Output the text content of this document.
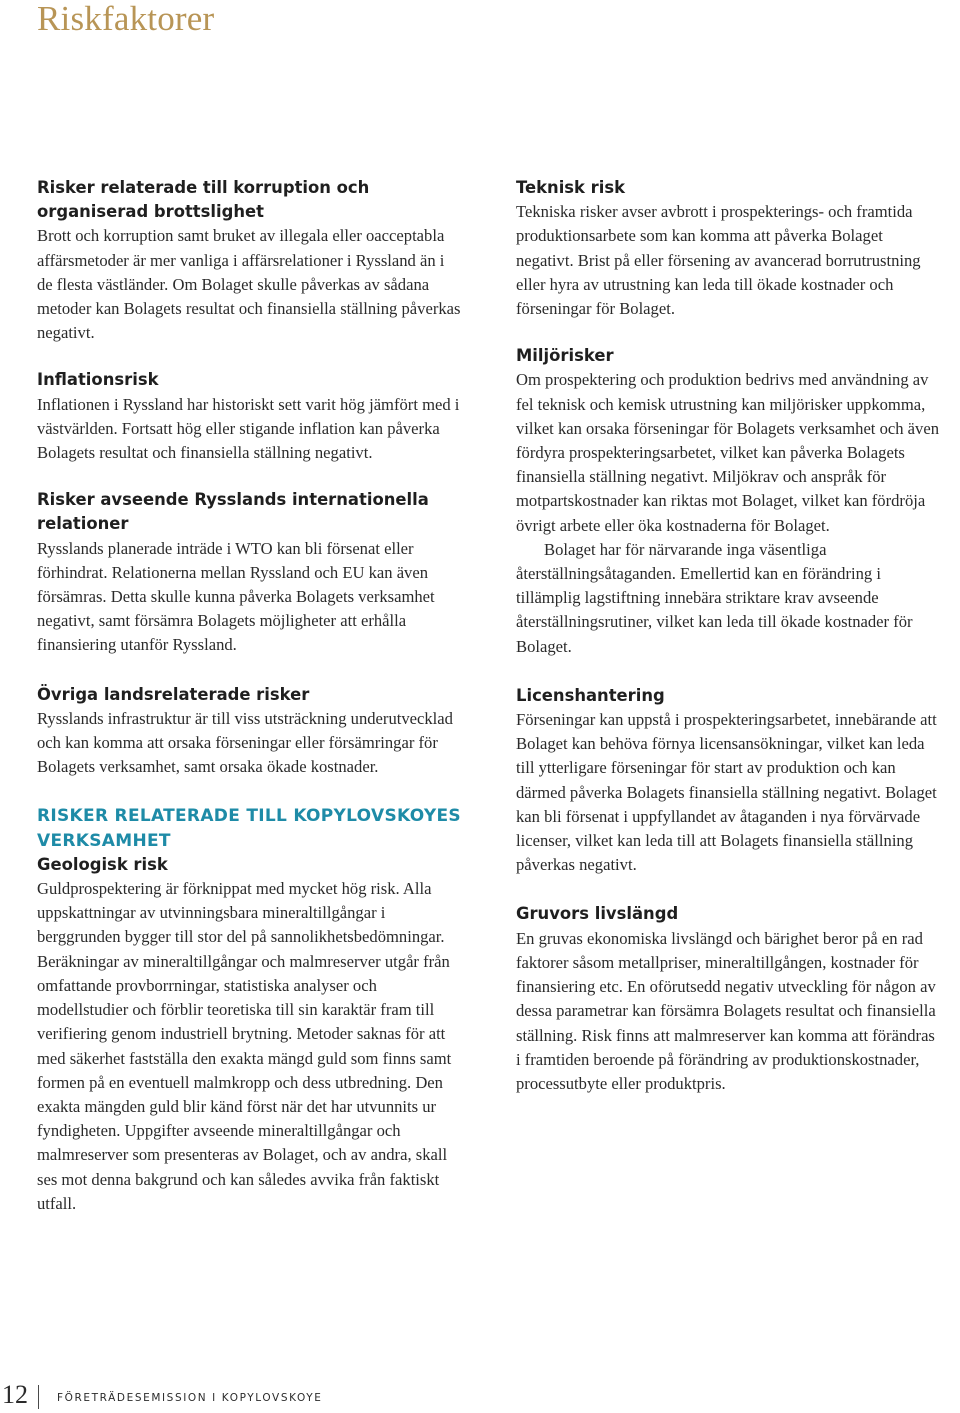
Riskfaktorer
Risker relaterade till korruption och organiserad brottslighet

Brott och korruption samt bruket av illegala eller oacceptabla affärsmetoder är mer vanliga i affärsrelationer i Ryssland än i de flesta västländer. Om Bolaget skulle påverkas av sådana metoder kan Bolagets resultat och finansiella ställning påverkas negativt.

Inflationsrisk

Inflationen i Ryssland har historiskt sett varit hög jämfört med i västvärlden. Fortsatt hög eller stigande inflation kan påverka Bolagets resultat och finansiella ställning negativt.

Risker avseende Rysslands internationella relationer

Rysslands planerade inträde i WTO kan bli försenat eller förhindrat. Relationerna mellan Ryssland och EU kan även försämras. Detta skulle kunna påverka Bolagets verksamhet negativt, samt försämra Bolagets möjligheter att erhålla finansiering utanför Ryssland.

Övriga landsrelaterade risker

Rysslands infrastruktur är till viss utsträckning underutvecklad och kan komma att orsaka förseningar eller försämringar för Bolagets verksamhet, samt orsaka ökade kostnader.

RISKER RELATERADE TILL KOPYLOVSKOYES VERKSAMHET
Geologisk risk

Guldprospektering är förknippat med mycket hög risk. Alla uppskattningar av utvinningsbara mineraltillgångar i berggrunden bygger till stor del på sannolikhetsbedömningar. Beräkningar av mineraltillgångar och malmreserver utgår från omfattande provborrningar, statistiska analyser och modellstudier och förblir teoretiska till sin karaktär fram till verifiering genom industriell brytning. Metoder saknas för att med säkerhet fastställa den exakta mängd guld som finns samt formen på en eventuell malmkropp och dess utbredning. Den exakta mängden guld blir känd först när det har utvunnits ur fyndigheten. Uppgifter avseende mineraltillgångar och malmreserver som presenteras av Bolaget, och av andra, skall ses mot denna bakgrund och kan således avvika från faktiskt utfall.

Teknisk risk

Tekniska risker avser avbrott i prospekterings- och framtida produktionsarbete som kan komma att påverka Bolaget negativt. Brist på eller försening av avancerad borrutrustning eller hyra av utrustning kan leda till ökade kostnader och förseningar för Bolaget.

Miljörisker

Om prospektering och produktion bedrivs med användning av fel teknisk och kemisk utrustning kan miljörisker uppkomma, vilket kan orsaka förseningar för Bolagets verksamhet och även fördyra prospekteringsarbetet, vilket kan påverka Bolagets finansiella ställning negativt. Miljökrav och anspråk för motpartskostnader kan riktas mot Bolaget, vilket kan fördröja övrigt arbete eller öka kostnaderna för Bolaget.

Bolaget har för närvarande inga väsentliga återställningsåtaganden. Emellertid kan en förändring i tillämplig lagstiftning innebära striktare krav avseende återställningsrutiner, vilket kan leda till ökade kostnader för Bolaget.

Licenshantering

Förseningar kan uppstå i prospekteringsarbetet, innebärande att Bolaget kan behöva förnya licensansökningar, vilket kan leda till ytterligare förseningar för start av produktion och kan därmed påverka Bolagets finansiella ställning negativt. Bolaget kan bli försenat i uppfyllandet av åtaganden i nya förvärvade licenser, vilket kan leda till att Bolagets finansiella ställning påverkas negativt.

Gruvors livslängd

En gruvas ekonomiska livslängd och bärighet beror på en rad faktorer såsom metallpriser, mineraltillgången, kostnader för finansiering etc. En oförutsedd negativ utveckling för någon av dessa parametrar kan försämra Bolagets resultat och finansiella ställning. Risk finns att malmreserver kan komma att förändras i framtiden beroende på förändring av produktionskostnader, processutbyte eller produktpris.

12	FÖRETRÄDESEMISSION I KOPYLOVSKOYE
